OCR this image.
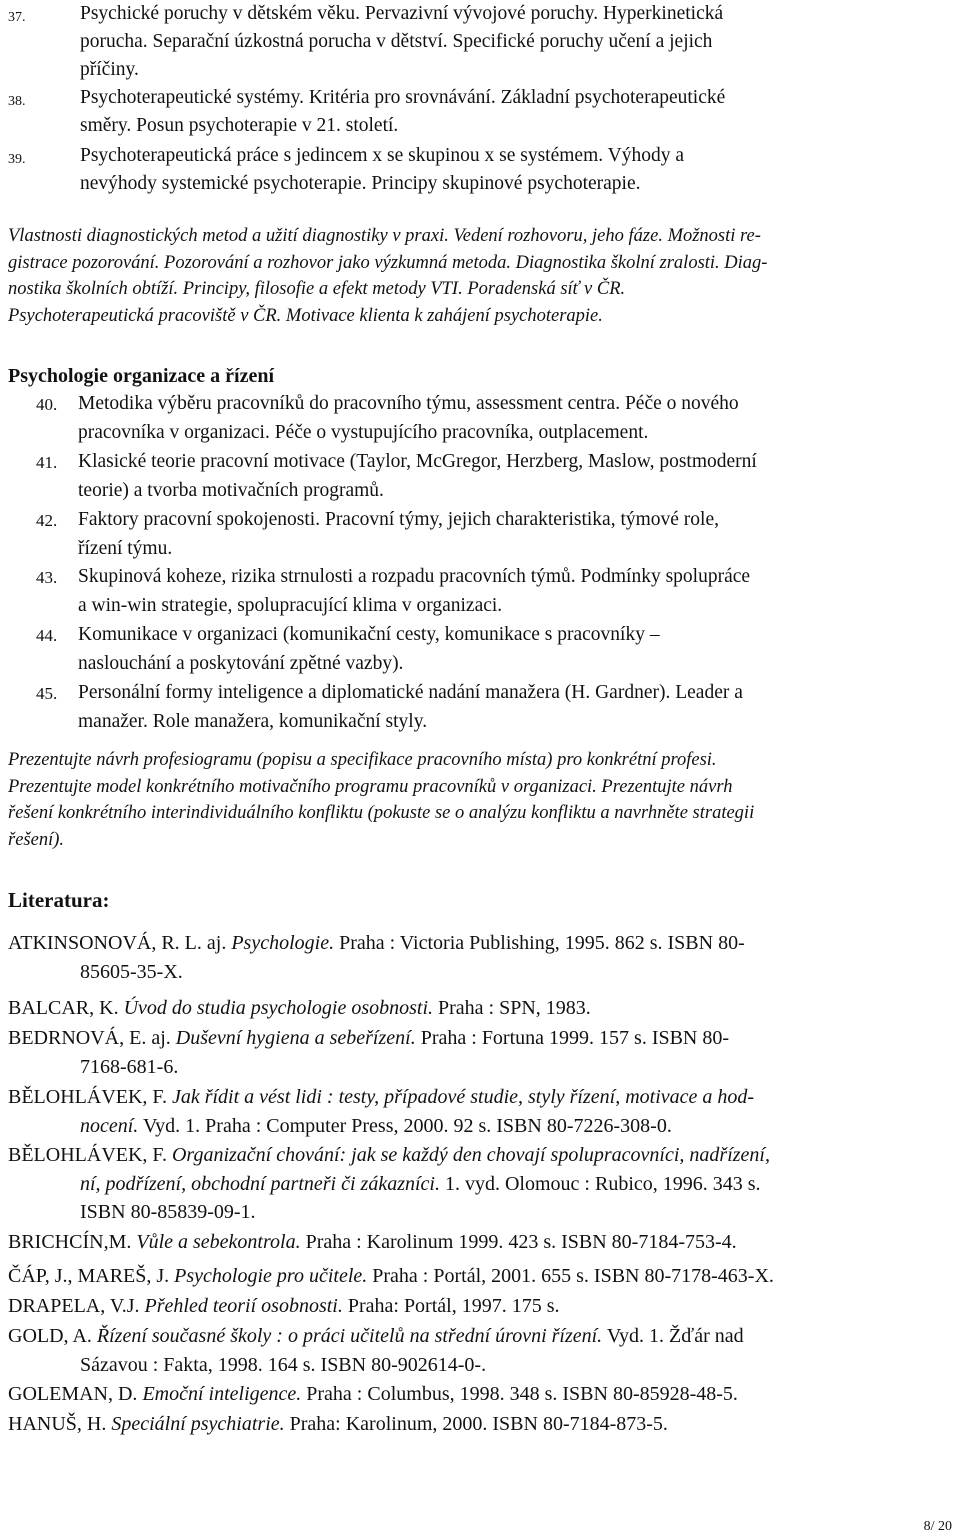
37.	Psychické poruchy v dětském věku. Pervazivní vývojové poruchy. Hyperkinetická
porucha. Separační úzkostná porucha v dětství. Specifické poruchy učení a jejich
příčiny.
38.	Psychoterapeutické systémy. Kritéria pro srovnávání. Základní psychoterapeutické
směry. Posun psychoterapie v 21. století.
39.	Psychoterapeutická práce s jedincem x se skupinou x se systémem. Výhody a
nevýhody systemické psychoterapie. Principy skupinové psychoterapie.
Vlastnosti diagnostických metod a užití diagnostiky v praxi. Vedení rozhovoru, jeho fáze. Možnosti re-
gistrace pozorování. Pozorování a rozhovor jako výzkumná metoda. Diagnostika školní zralosti. Diag-
nostika školních obtíží. Principy, filosofie a efekt metody VTI. Poradenská síť v ČR.
Psychoterapeutická pracoviště v ČR. Motivace klienta k zahájení psychoterapie.
Psychologie organizace a řízení
40. Metodika výběru pracovníků do pracovního týmu, assessment centra. Péče o nového
pracovníka v organizaci. Péče o vystupujícího pracovníka, outplacement.
41. Klasické teorie pracovní motivace (Taylor, McGregor, Herzberg, Maslow, postmoderní
teorie) a tvorba motivačních programů.
42. Faktory pracovní spokojenosti. Pracovní týmy, jejich charakteristika, týmové role,
řízení týmu.
43. Skupinová koheze, rizika strnulosti a rozpadu pracovních týmů. Podmínky spolupráce
a win-win strategie, spolupracující klima v organizaci.
44. Komunikace v organizaci (komunikační cesty, komunikace s pracovníky –
naslouchání a poskytování zpětné vazby).
45. Personální formy inteligence a diplomatické nadání manažera (H. Gardner). Leader a
manažer. Role manažera, komunikační styly.
Prezentujte návrh profesiogramu (popisu a specifikace pracovního místa) pro konkrétní profesi.
Prezentujte model konkrétního motivačního programu pracovníků v organizaci. Prezentujte návrh
řešení konkrétního interindividuálního konfliktu (pokuste se o analýzu konfliktu a navrhněte strategii
řešení).
Literatura:
ATKINSONOVÁ, R. L. aj. Psychologie. Praha : Victoria Publishing, 1995. 862 s. ISBN 80-
85605-35-X.
BALCAR, K. Úvod do studia psychologie osobnosti. Praha : SPN, 1983.
BEDRNOVÁ, E. aj. Duševní hygiena a sebeřízení. Praha : Fortuna 1999. 157 s. ISBN 80-
7168-681-6.
BĚLOHLÁVEK, F. Jak řídit a vést lidi : testy, případové studie, styly řízení, motivace a hod-
nocení. Vyd. 1. Praha : Computer Press, 2000. 92 s. ISBN 80-7226-308-0.
BĚLOHLÁVEK, F. Organizační chování: jak se každý den chovají spolupracovníci, nadřízení,
ní, podřízení, obchodní partneři či zákazníci. 1. vyd. Olomouc : Rubico, 1996. 343 s.
ISBN 80-85839-09-1.
BRICHCÍN,M. Vůle a sebekontrola. Praha : Karolinum 1999. 423 s. ISBN 80-7184-753-4.
ČÁP, J., MAREŠ, J. Psychologie pro učitele. Praha : Portál, 2001. 655 s. ISBN 80-7178-463-X.
DRAPELA, V.J. Přehled teorií osobnosti. Praha: Portál, 1997. 175 s.
GOLD, A. Řízení současné školy : o práci učitelů na střední úrovni řízení. Vyd. 1. Žďár nad
Sázavou : Fakta, 1998. 164 s. ISBN 80-902614-0-.
GOLEMAN, D. Emoční inteligence. Praha : Columbus, 1998. 348 s. ISBN 80-85928-48-5.
HANUŠ, H. Speciální psychiatrie. Praha: Karolinum, 2000. ISBN 80-7184-873-5.
8/ 20
